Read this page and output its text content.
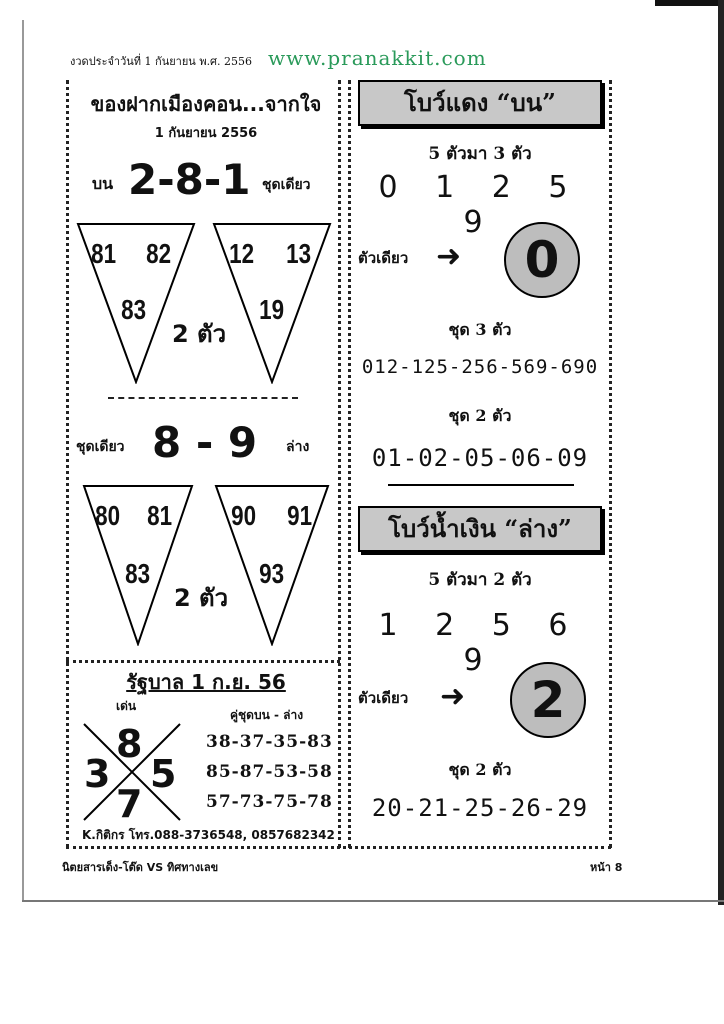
งวดประจำวันที่ 1 กันยายน พ.ศ. 2556 www.pranakkit.com
ของฝากเมืองคอน...จากใจ
1 กันยายน 2556
บน 2-8-1 ชุดเดียว
81 82
83
12 13
19
2 ตัว
ชุดเดียว 8 - 9 ล่าง
80 81
83
90 91
93
2 ตัว
รัฐบาล 1 ก.ย. 56
เด่น
คู่ชุดบน - ล่าง
8
3 5
7
38-37-35-83
85-87-53-58
57-73-75-78
K.กิติกร โทร.088-3736548, 0857682342
โบว์แดง “บน”
5 ตัวมา 3 ตัว
0 1 2 5 9
ตัวเดียว ➜	0
ชุด 3 ตัว
012-125-256-569-690
ชุด 2 ตัว
01-02-05-06-09
โบว์น้ำเงิน “ล่าง”
5 ตัวมา 2 ตัว
1 2 5 6 9
ตัวเดียว ➜	2
ชุด 2 ตัว
20-21-25-26-29
นิตยสารเด็ง-โต๊ด VS ทิศทางเลข	หน้า 8
